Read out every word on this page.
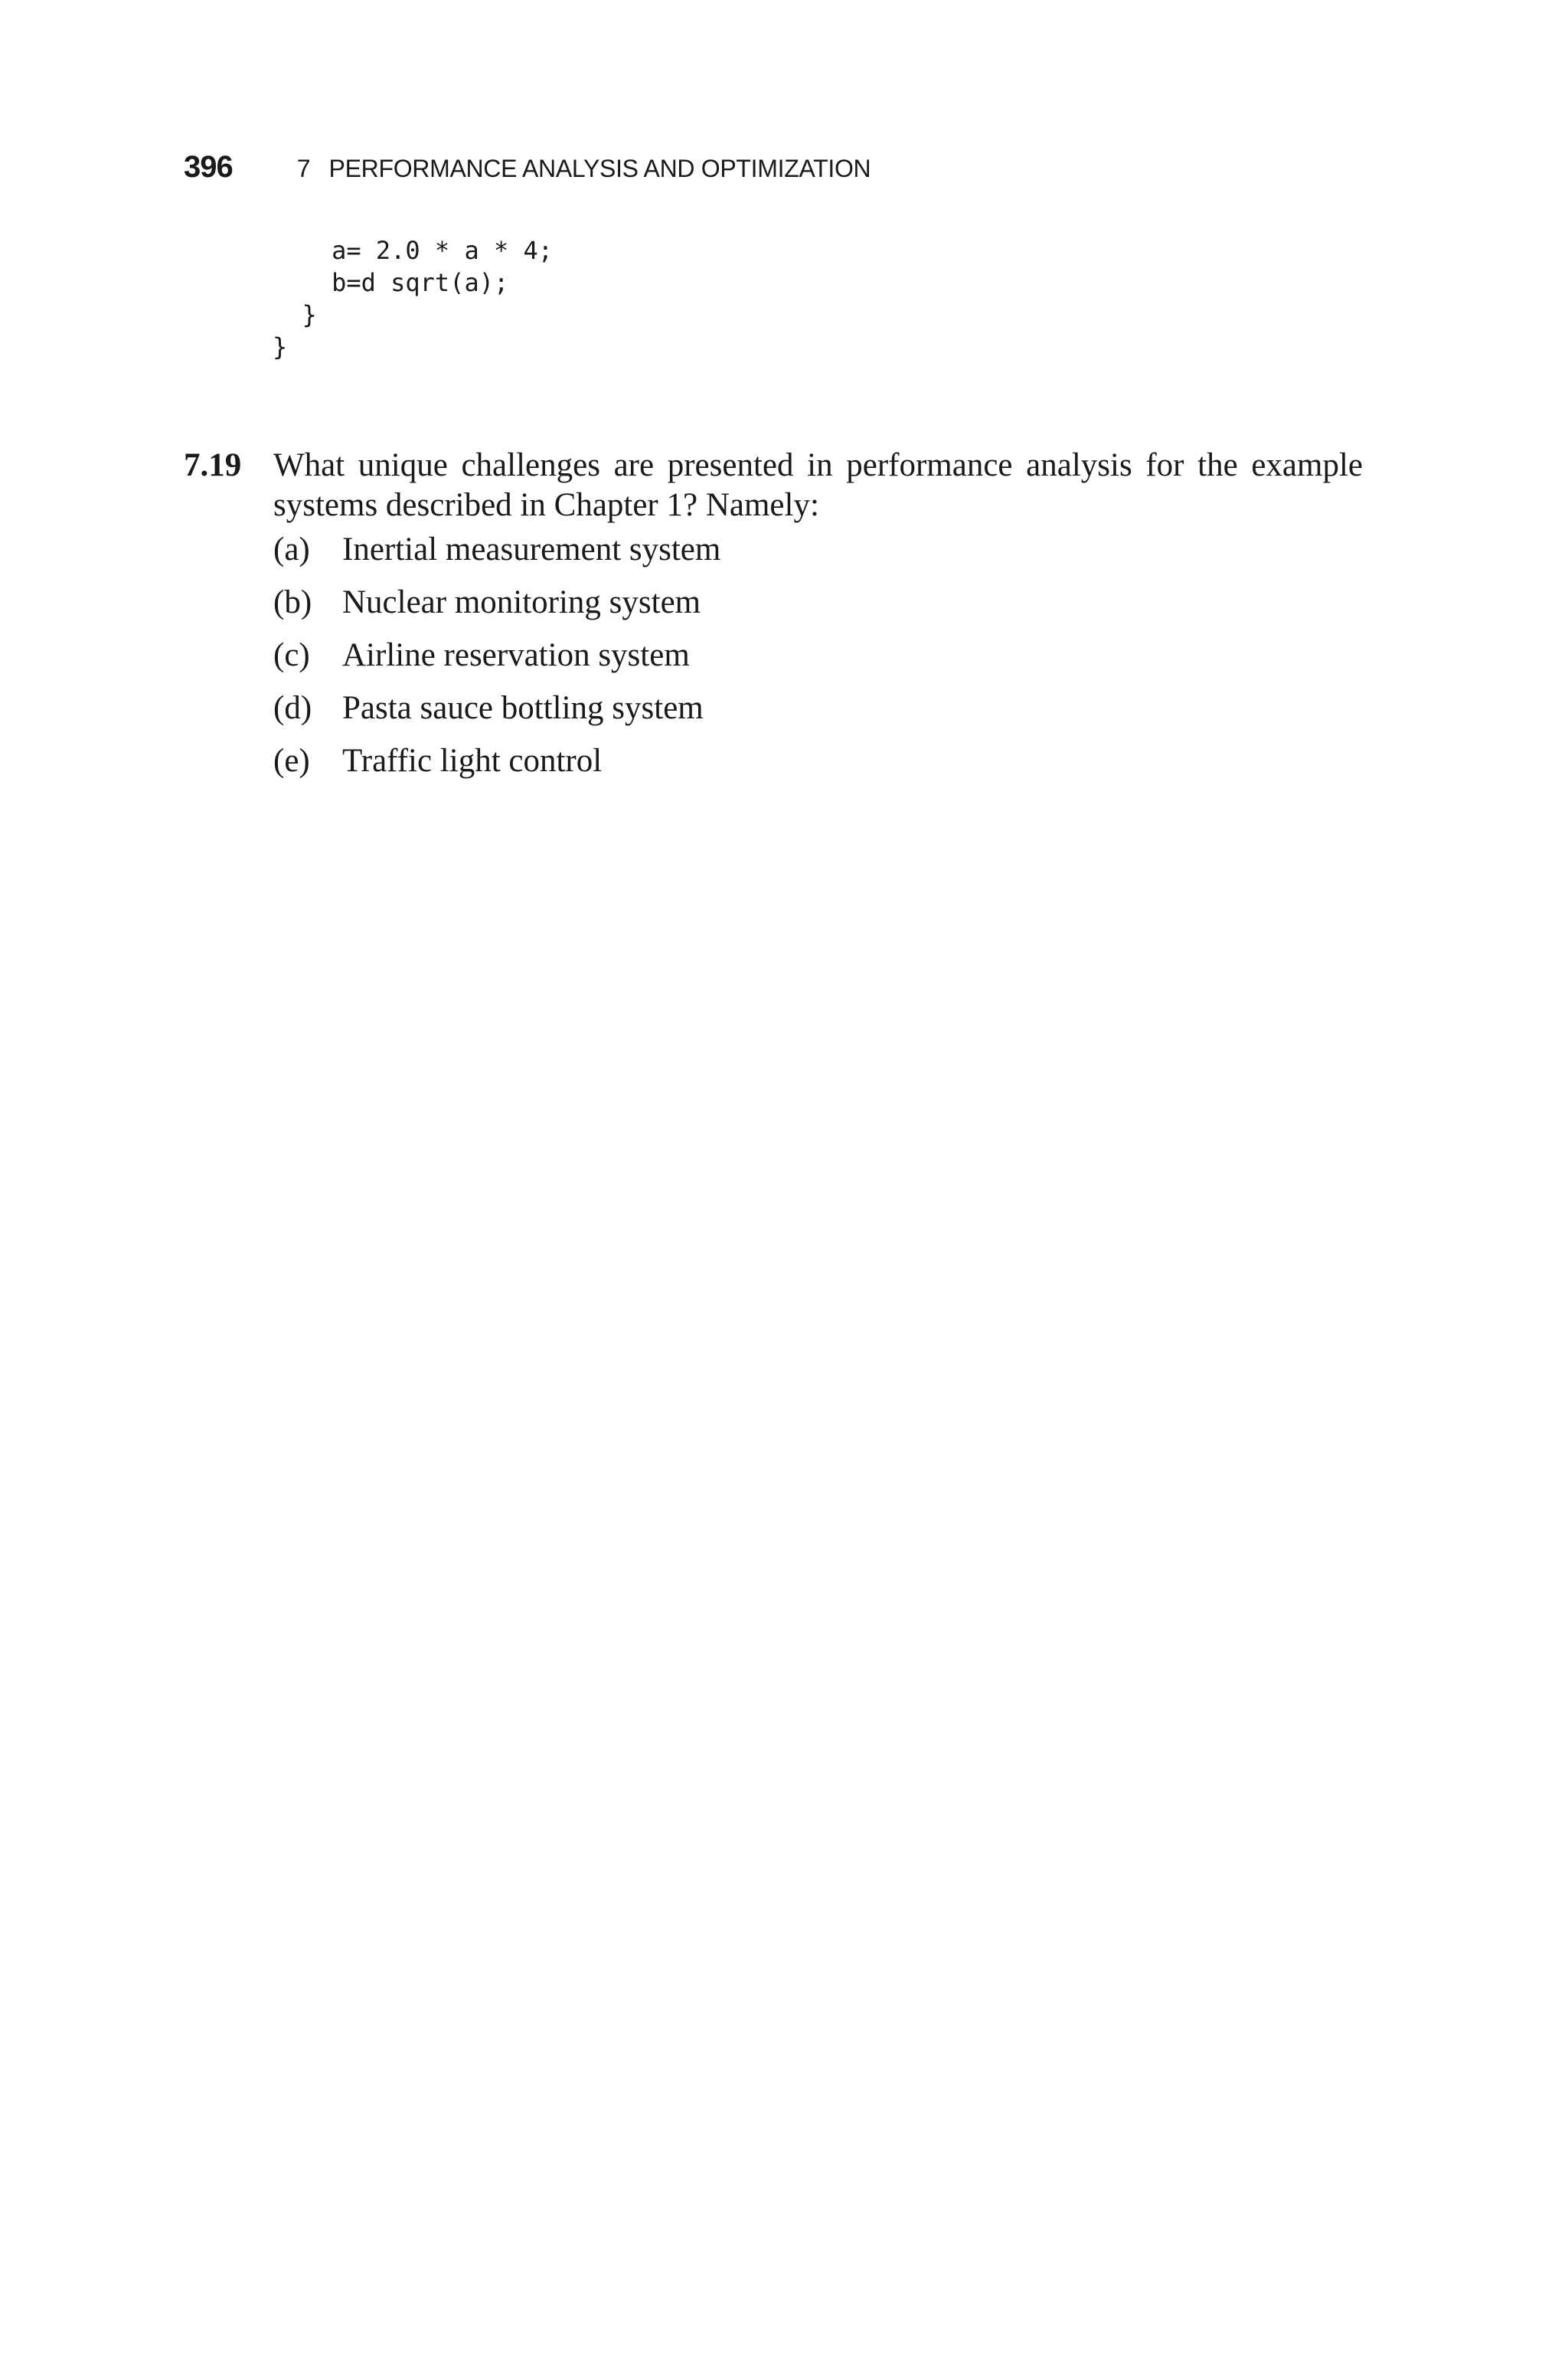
396	7 PERFORMANCE ANALYSIS AND OPTIMIZATION
a= 2.0 * a * 4;
b=d sqrt(a);
}
}
7.19 What unique challenges are presented in performance analysis for the example systems described in Chapter 1? Namely:
(a) Inertial measurement system
(b) Nuclear monitoring system
(c) Airline reservation system
(d) Pasta sauce bottling system
(e) Traffic light control
